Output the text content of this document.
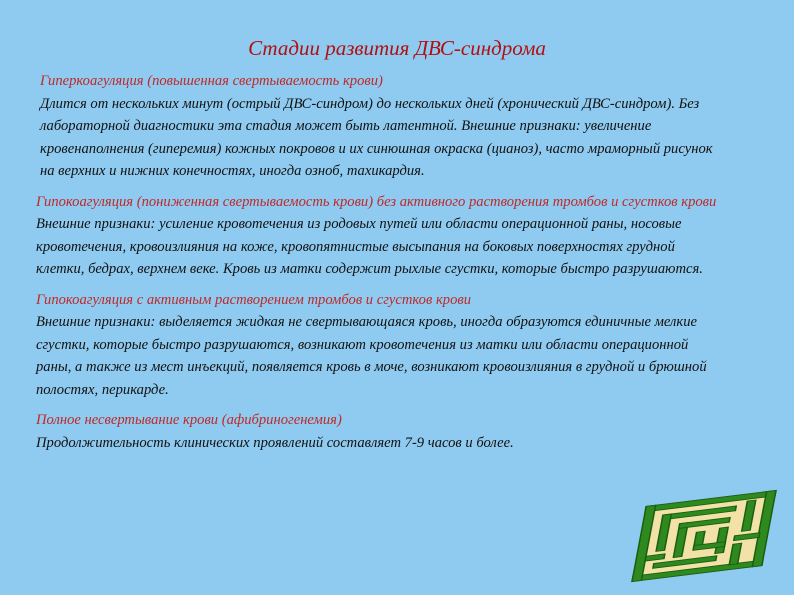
Стадии развития ДВС-синдрома

Гиперкоагуляция (повышенная свертываемость крови)

Длится от нескольких минут (острый ДВС-синдром) до нескольких дней (хронический ДВС-синдром). Без лабораторной диагностики эта стадия может быть латентной. Внешние признаки: увеличение кровенаполнения (гиперемия) кожных покровов и их синюшная окраска (цианоз), часто мраморный рисунок на верхних и нижних конечностях, иногда озноб, тахикардия.

Гипокоагуляция (пониженная свертываемость крови) без активного растворения тромбов и сгустков крови

Внешние признаки: усиление кровотечения из родовых путей или области операционной раны, носовые кровотечения, кровоизлияния на коже, кровопятнистые высыпания на боковых поверхностях грудной клетки, бедрах, верхнем веке. Кровь из матки содержит рыхлые сгустки, которые быстро разрушаются.

Гипокоагуляция с активным растворением тромбов и сгустков крови

Внешние признаки: выделяется жидкая не свертывающаяся кровь, иногда образуются единичные мелкие сгустки, которые быстро разрушаются, возникают кровотечения из матки или области операционной раны, а также из мест инъекций, появляется кровь в моче, возникают кровоизлияния в грудной и брюшной полостях, перикарде.

Полное несвертывание крови (афибриногенемия)

Продолжительность клинических проявлений составляет 7-9 часов и более.
